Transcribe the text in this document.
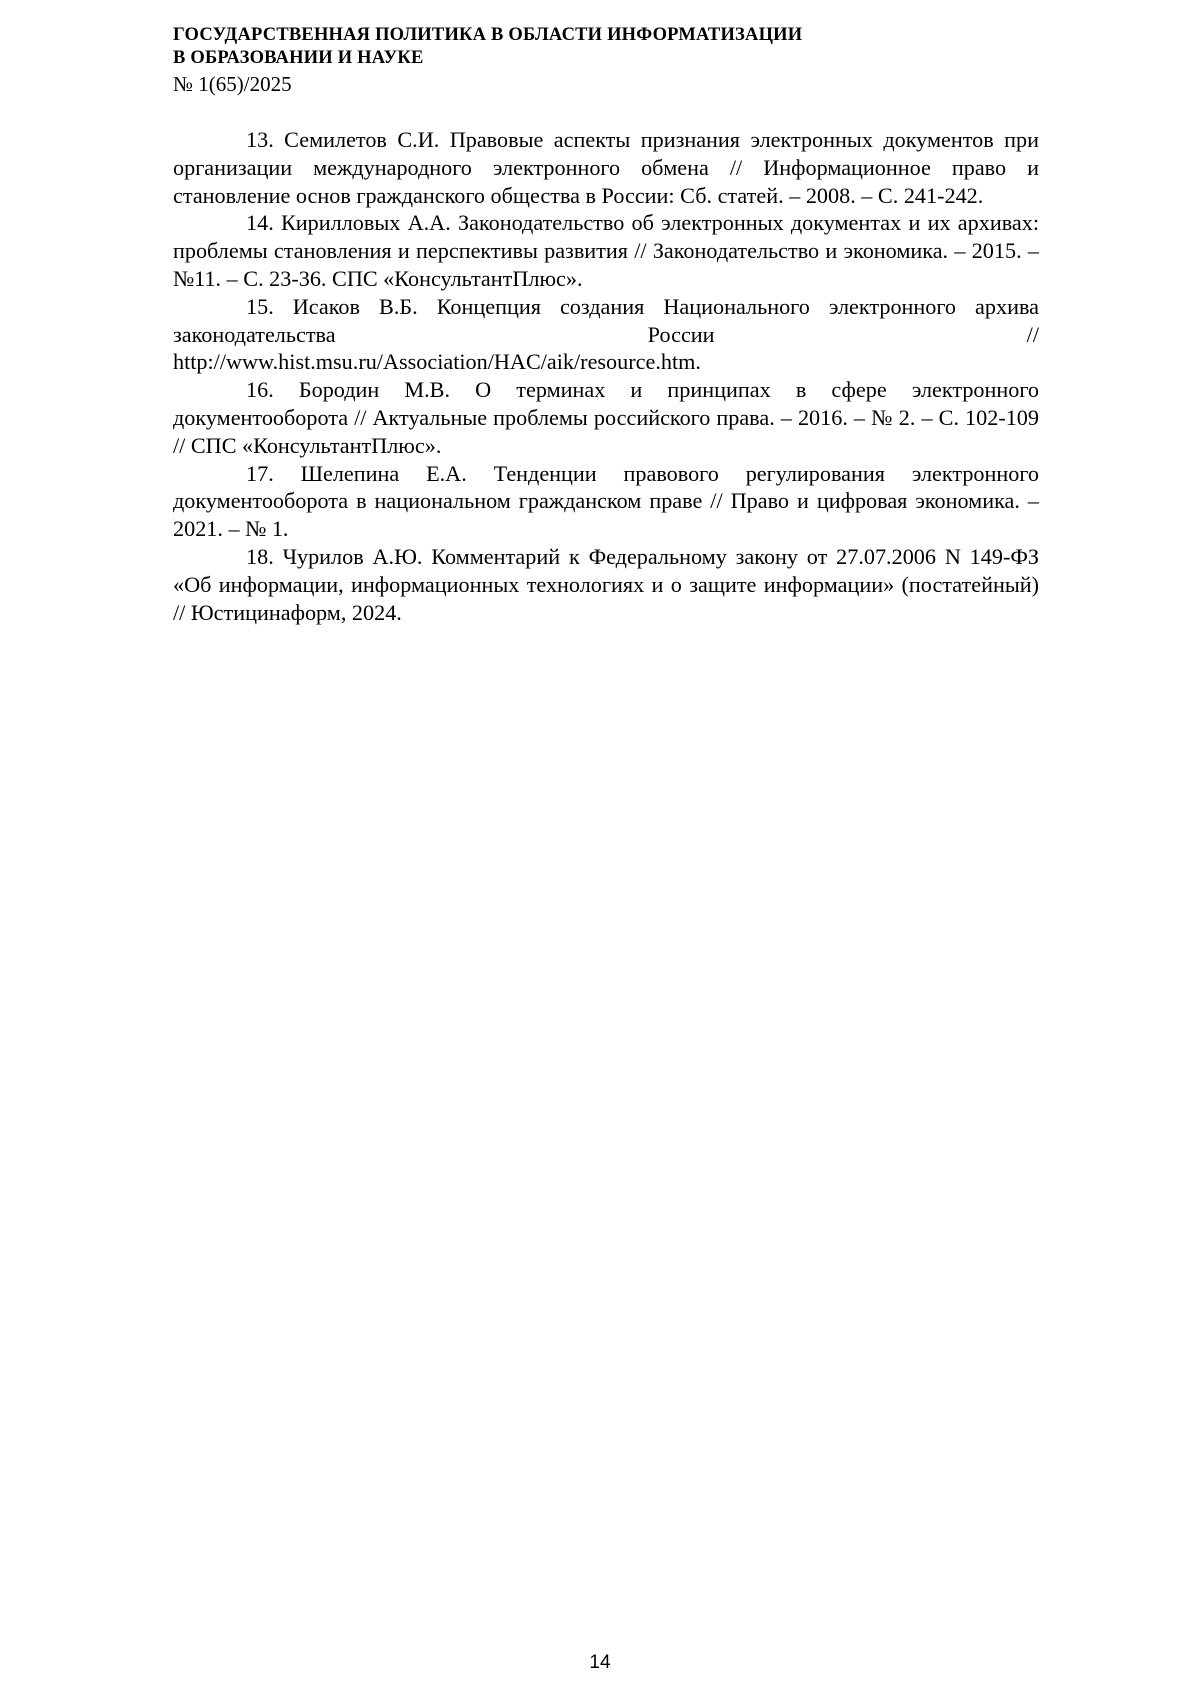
ГОСУДАРСТВЕННАЯ ПОЛИТИКА В ОБЛАСТИ ИНФОРМАТИЗАЦИИ
В ОБРАЗОВАНИИ И НАУКЕ
№ 1(65)/2025

13. Семилетов С.И. Правовые аспекты признания электронных документов при организации международного электронного обмена // Информационное право и становление основ гражданского общества в России: Сб. статей. – 2008. – С. 241-242.

14. Кирилловых А.А. Законодательство об электронных документах и их архивах: проблемы становления и перспективы развития // Законодательство и экономика. – 2015. – №11. – С. 23-36. СПС «КонсультантПлюс».

15. Исаков В.Б. Концепция создания Национального электронного архива законодательства России //
http://www.hist.msu.ru/Association/HAC/aik/resource.htm.

16. Бородин М.В. О терминах и принципах в сфере электронного документооборота // Актуальные проблемы российского права. – 2016. – № 2. – С. 102-109 // СПС «КонсультантПлюс».

17. Шелепина Е.А. Тенденции правового регулирования электронного документооборота в национальном гражданском праве // Право и цифровая экономика. – 2021. – № 1.

18. Чурилов А.Ю. Комментарий к Федеральному закону от 27.07.2006 N 149-ФЗ «Об информации, информационных технологиях и о защите информации» (постатейный) // Юстицинаформ, 2024.

14
